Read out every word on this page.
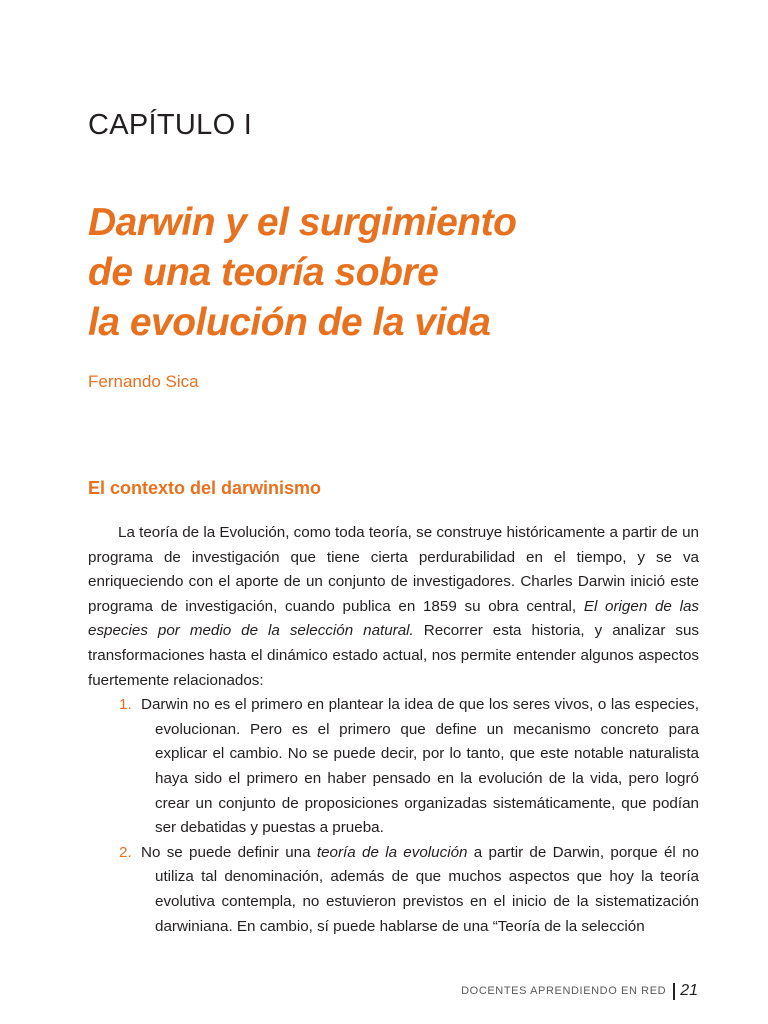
CAPÍTULO I
Darwin y el surgimiento
de una teoría sobre
la evolución de la vida

Fernando Sica

El contexto del darwinismo

La teoría de la Evolución, como toda teoría, se construye históricamente a partir de un programa de investigación que tiene cierta perdurabilidad en el tiempo, y se va enriqueciendo con el aporte de un conjunto de investigadores. Charles Darwin inició este programa de investigación, cuando publica en 1859 su obra central, El origen de las especies por medio de la selección natural. Recorrer esta historia, y analizar sus transformaciones hasta el dinámico estado actual, nos permite entender algunos aspectos fuertemente relacionados:

1. Darwin no es el primero en plantear la idea de que los seres vivos, o las especies, evolucionan. Pero es el primero que define un mecanismo concreto para explicar el cambio. No se puede decir, por lo tanto, que este notable naturalista haya sido el primero en haber pensado en la evolución de la vida, pero logró crear un conjunto de proposiciones organizadas sistemáticamente, que podían ser debatidas y puestas a prueba.
2. No se puede definir una teoría de la evolución a partir de Darwin, porque él no utiliza tal denominación, además de que muchos aspectos que hoy la teoría evolutiva contempla, no estuvieron previstos en el inicio de la sistematización darwiniana. En cambio, sí puede hablarse de una “Teoría de la selección
DOCENTES APRENDIENDO EN RED 21
